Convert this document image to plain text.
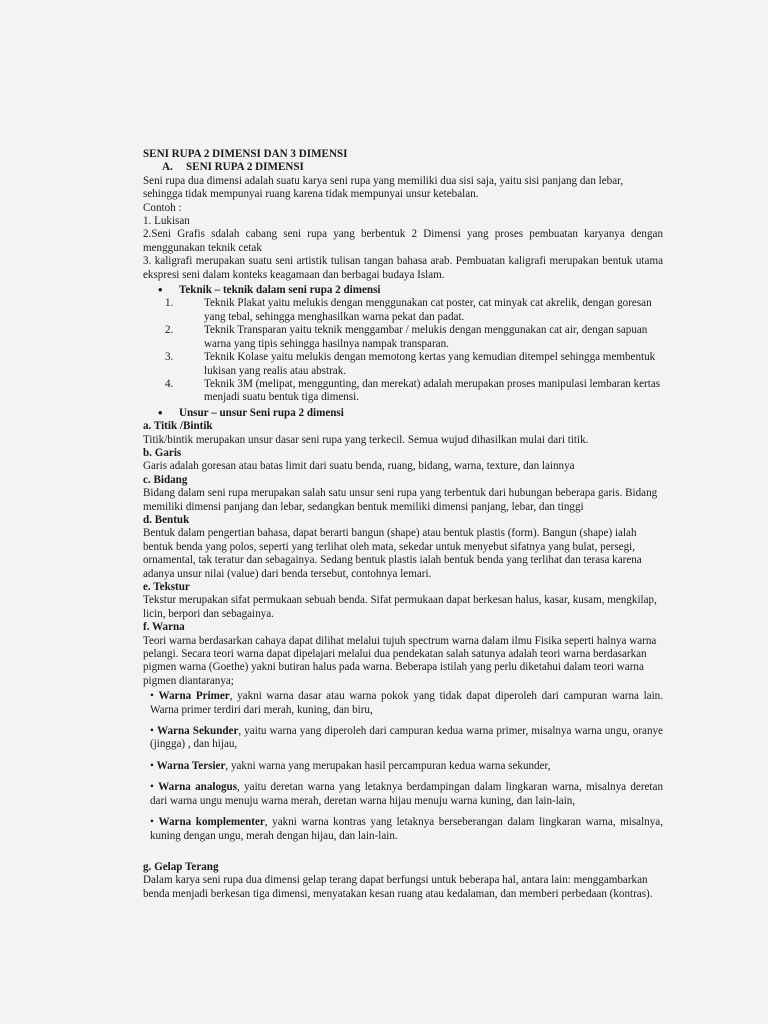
SENI RUPA 2 DIMENSI DAN 3 DIMENSI

A. SENI RUPA 2 DIMENSI

Seni rupa dua dimensi adalah suatu karya seni rupa yang memiliki dua sisi saja, yaitu sisi panjang dan lebar, sehingga tidak mempunyai ruang karena tidak mempunyai unsur ketebalan.

Contoh :

1. Lukisan

2.Seni Grafis sdalah cabang seni rupa yang berbentuk 2 Dimensi yang proses pembuatan karyanya dengan menggunakan teknik cetak

3. kaligrafi merupakan suatu seni artistik tulisan tangan bahasa arab. Pembuatan kaligrafi merupakan bentuk utama ekspresi seni dalam konteks keagamaan dan berbagai budaya Islam.

• Teknik – teknik dalam seni rupa 2 dimensi

1.	Teknik Plakat yaitu melukis dengan menggunakan cat poster, cat minyak cat akrelik, dengan goresan yang tebal, sehingga menghasilkan warna pekat dan padat.

2.	Teknik Transparan yaitu teknik menggambar / melukis dengan menggunakan cat air, dengan sapuan warna yang tipis sehingga hasilnya nampak transparan.

3.	Teknik Kolase yaitu melukis dengan memotong kertas yang kemudian ditempel sehingga membentuk lukisan yang realis atau abstrak.

4.	Teknik 3M (melipat, menggunting, dan merekat) adalah merupakan proses manipulasi lembaran kertas menjadi suatu bentuk tiga dimensi.

• Unsur – unsur Seni rupa 2 dimensi

a. Titik /Bintik

Titik/bintik merupakan unsur dasar seni rupa yang terkecil. Semua wujud dihasilkan mulai dari titik.

b. Garis

Garis adalah goresan atau batas limit dari suatu benda, ruang, bidang, warna, texture, dan lainnya

c. Bidang

Bidang dalam seni rupa merupakan salah satu unsur seni rupa yang terbentuk dari hubungan beberapa garis. Bidang memiliki dimensi panjang dan lebar, sedangkan bentuk memiliki dimensi panjang, lebar, dan tinggi

d. Bentuk

Bentuk dalam pengertian bahasa, dapat berarti bangun (shape) atau bentuk plastis (form). Bangun (shape) ialah bentuk benda yang polos, seperti yang terlihat oleh mata, sekedar untuk menyebut sifatnya yang bulat, persegi, ornamental, tak teratur dan sebagainya. Sedang bentuk plastis ialah bentuk benda yang terlihat dan terasa karena adanya unsur nilai (value) dari benda tersebut, contohnya lemari.

e. Tekstur

Tekstur merupakan sifat permukaan sebuah benda. Sifat permukaan dapat berkesan halus, kasar, kusam, mengkilap, licin, berpori dan sebagainya.

f. Warna

Teori warna berdasarkan cahaya dapat dilihat melalui tujuh spectrum warna dalam ilmu Fisika seperti halnya warna pelangi. Secara teori warna dapat dipelajari melalui dua pendekatan salah satunya adalah teori warna berdasarkan pigmen warna (Goethe) yakni butiran halus pada warna. Beberapa istilah yang perlu diketahui dalam teori warna pigmen diantaranya;

• Warna Primer, yakni warna dasar atau warna pokok yang tidak dapat diperoleh dari campuran warna lain. Warna primer terdiri dari merah, kuning, dan biru,

• Warna Sekunder, yaitu warna yang diperoleh dari campuran kedua warna primer, misalnya warna ungu, oranye (jingga) , dan hijau,

• Warna Tersier, yakni warna yang merupakan hasil percampuran kedua warna sekunder,

• Warna analogus, yaitu deretan warna yang letaknya berdampingan dalam lingkaran warna, misalnya deretan dari warna ungu menuju warna merah, deretan warna hijau menuju warna kuning, dan lain-lain,

• Warna komplementer, yakni warna kontras yang letaknya berseberangan dalam lingkaran warna, misalnya, kuning dengan ungu, merah dengan hijau, dan lain-lain.

g. Gelap Terang

Dalam karya seni rupa dua dimensi gelap terang dapat berfungsi untuk beberapa hal, antara lain: menggambarkan benda menjadi berkesan tiga dimensi, menyatakan kesan ruang atau kedalaman, dan memberi perbedaan (kontras).
